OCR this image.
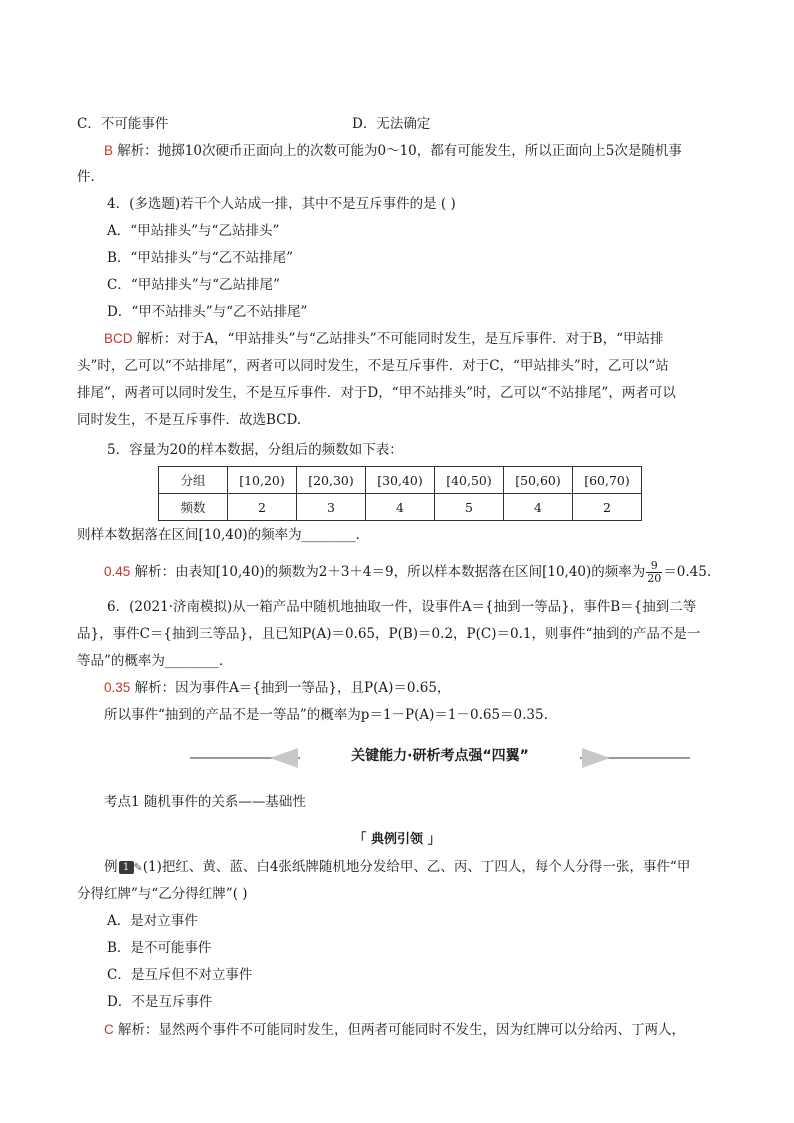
C．不可能事件	D．无法确定
B 解析：抛掷10次硬币正面向上的次数可能为0～10，都有可能发生，所以正面向上5次是随机事
件．
4．(多选题)若干个人站成一排，其中不是互斥事件的是 ( )
A．“甲站排头”与“乙站排头”
B．“甲站排头”与“乙不站排尾”
C．“甲站排头”与“乙站排尾”
D．“甲不站排头”与“乙不站排尾”
BCD 解析：对于A，“甲站排头”与“乙站排头”不可能同时发生，是互斥事件．对于B，“甲站排
头”时，乙可以“不站排尾”，两者可以同时发生，不是互斥事件．对于C，“甲站排头”时，乙可以“站
排尾”，两者可以同时发生，不是互斥事件．对于D，“甲不站排头”时，乙可以“不站排尾”，两者可以
同时发生，不是互斥事件．故选BCD.
5．容量为20的样本数据，分组后的频数如下表：
分组	[10,20)	[20,30)	[30,40)	[40,50)	[50,60)	[60,70)
频数	2	3	4	5	4	2
则样本数据落在区间[10,40)的频率为________．
0.45 解析：由表知[10,40)的频数为2＋3＋4＝9，所以样本数据落在区间[10,40)的频率为 $\frac{9}{20} =0.45$.
6．(2021·济南模拟)从一箱产品中随机地抽取一件，设事件A＝{抽到一等品}，事件B＝{抽到二等
品}，事件C＝{抽到三等品}，且已知P(A)＝0.65，P(B)＝0.2，P(C)＝0.1，则事件“抽到的产品不是一
等品”的概率为________．
0.35 解析：因为事件A＝{抽到一等品}，且P(A)＝0.65，
所以事件“抽到的产品不是一等品”的概率为p＝1－P(A)＝1－0.65＝0.35.
关键能力·研析考点强“四翼”
考点1 随机事件的关系——基础性
「 典例引领 」
例 1 ✎(1)把红、黄、蓝、白4张纸牌随机地分发给甲、乙、丙、丁四人，每个人分得一张，事件“甲
分得红牌”与“乙分得红牌”( )
A．是对立事件
B．是不可能事件
C．是互斥但不对立事件
D．不是互斥事件
C 解析：显然两个事件不可能同时发生，但两者可能同时不发生，因为红牌可以分给丙、丁两人，
